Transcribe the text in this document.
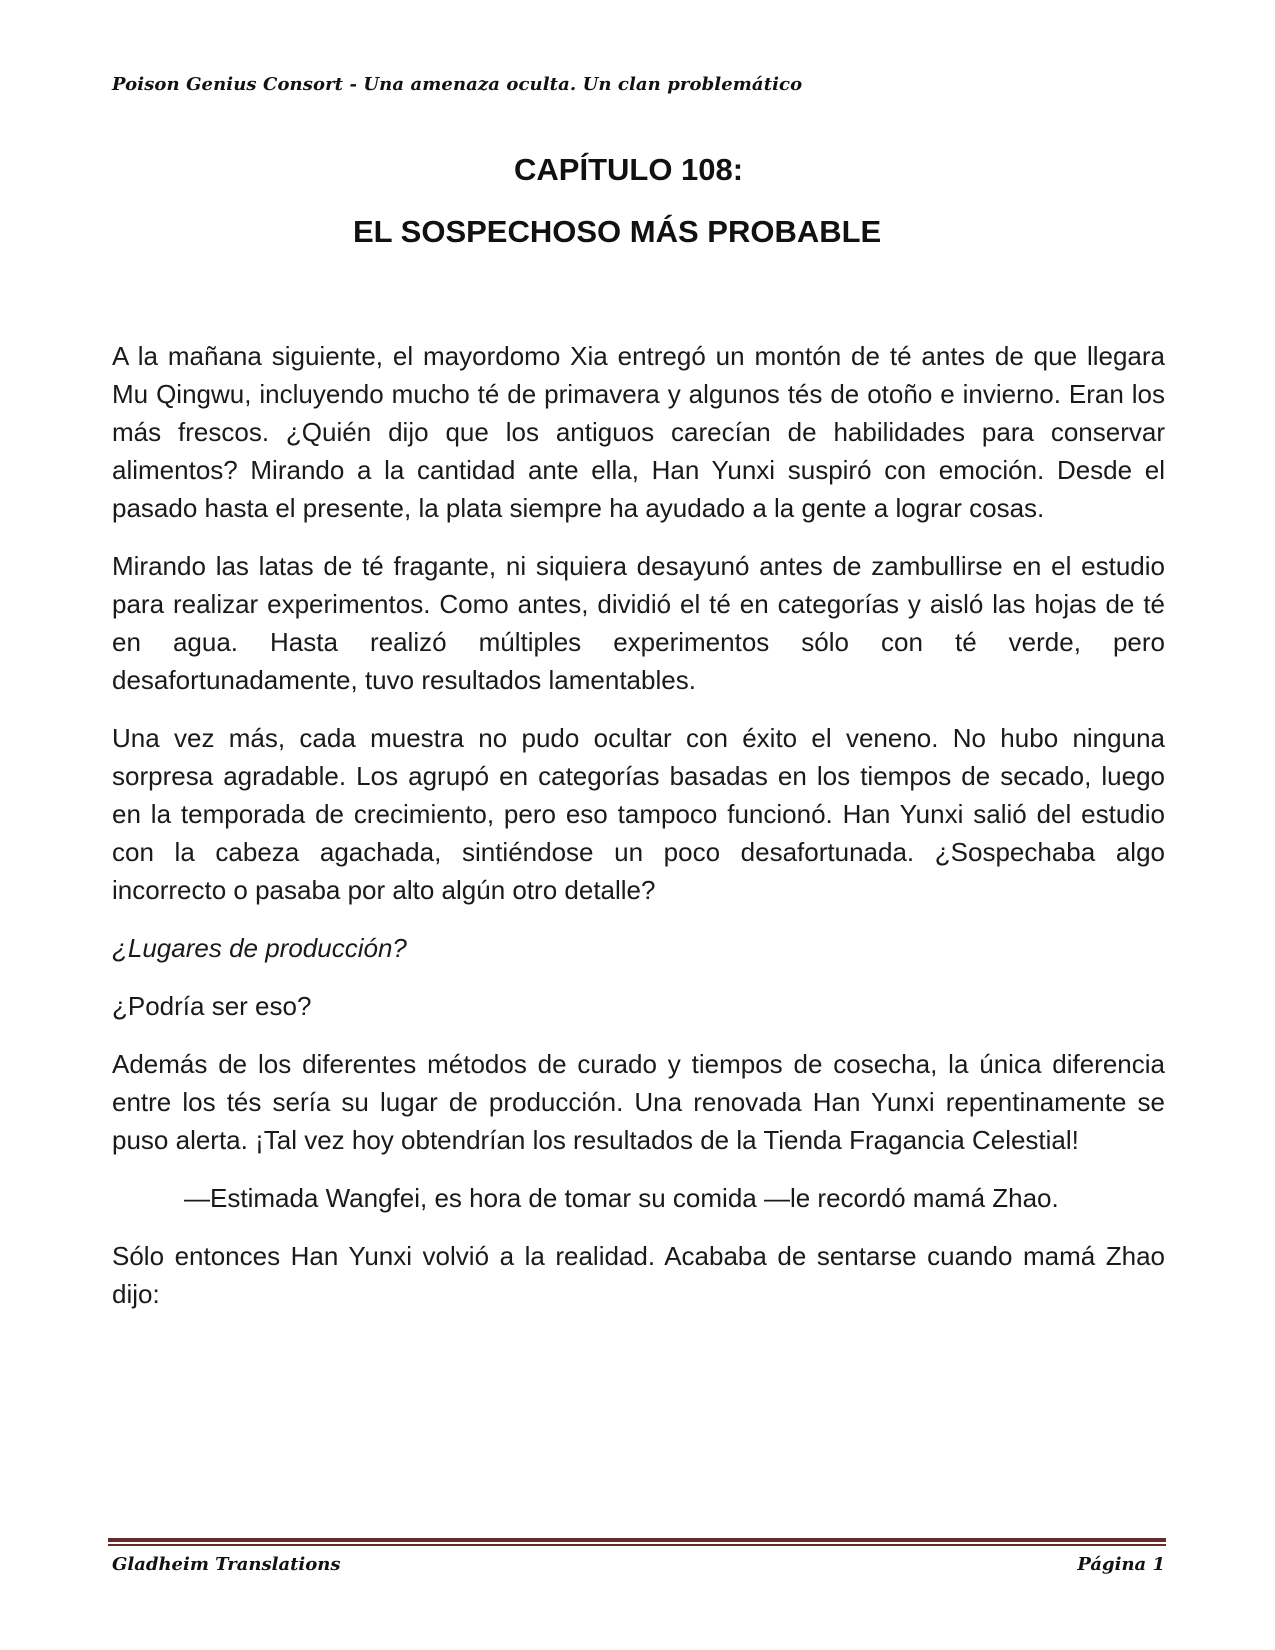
Poison Genius Consort - Una amenaza oculta. Un clan problemático
CAPÍTULO 108:
EL SOSPECHOSO MÁS PROBABLE

A la mañana siguiente, el mayordomo Xia entregó un montón de té antes de que llegara Mu Qingwu, incluyendo mucho té de primavera y algunos tés de otoño e invierno. Eran los más frescos. ¿Quién dijo que los antiguos carecían de habilidades para conservar alimentos? Mirando a la cantidad ante ella, Han Yunxi suspiró con emoción. Desde el pasado hasta el presente, la plata siempre ha ayudado a la gente a lograr cosas.

Mirando las latas de té fragante, ni siquiera desayunó antes de zambullirse en el estudio para realizar experimentos. Como antes, dividió el té en categorías y aisló las hojas de té en agua. Hasta realizó múltiples experimentos sólo con té verde, pero desafortunadamente, tuvo resultados lamentables.

Una vez más, cada muestra no pudo ocultar con éxito el veneno. No hubo ninguna sorpresa agradable. Los agrupó en categorías basadas en los tiempos de secado, luego en la temporada de crecimiento, pero eso tampoco funcionó. Han Yunxi salió del estudio con la cabeza agachada, sintiéndose un poco desafortunada. ¿Sospechaba algo incorrecto o pasaba por alto algún otro detalle?

¿Lugares de producción?

¿Podría ser eso?

Además de los diferentes métodos de curado y tiempos de cosecha, la única diferencia entre los tés sería su lugar de producción. Una renovada Han Yunxi repentinamente se puso alerta. ¡Tal vez hoy obtendrían los resultados de la Tienda Fragancia Celestial!

—Estimada Wangfei, es hora de tomar su comida —le recordó mamá Zhao.

Sólo entonces Han Yunxi volvió a la realidad. Acababa de sentarse cuando mamá Zhao dijo:

Gladheim Translations	Página 1
